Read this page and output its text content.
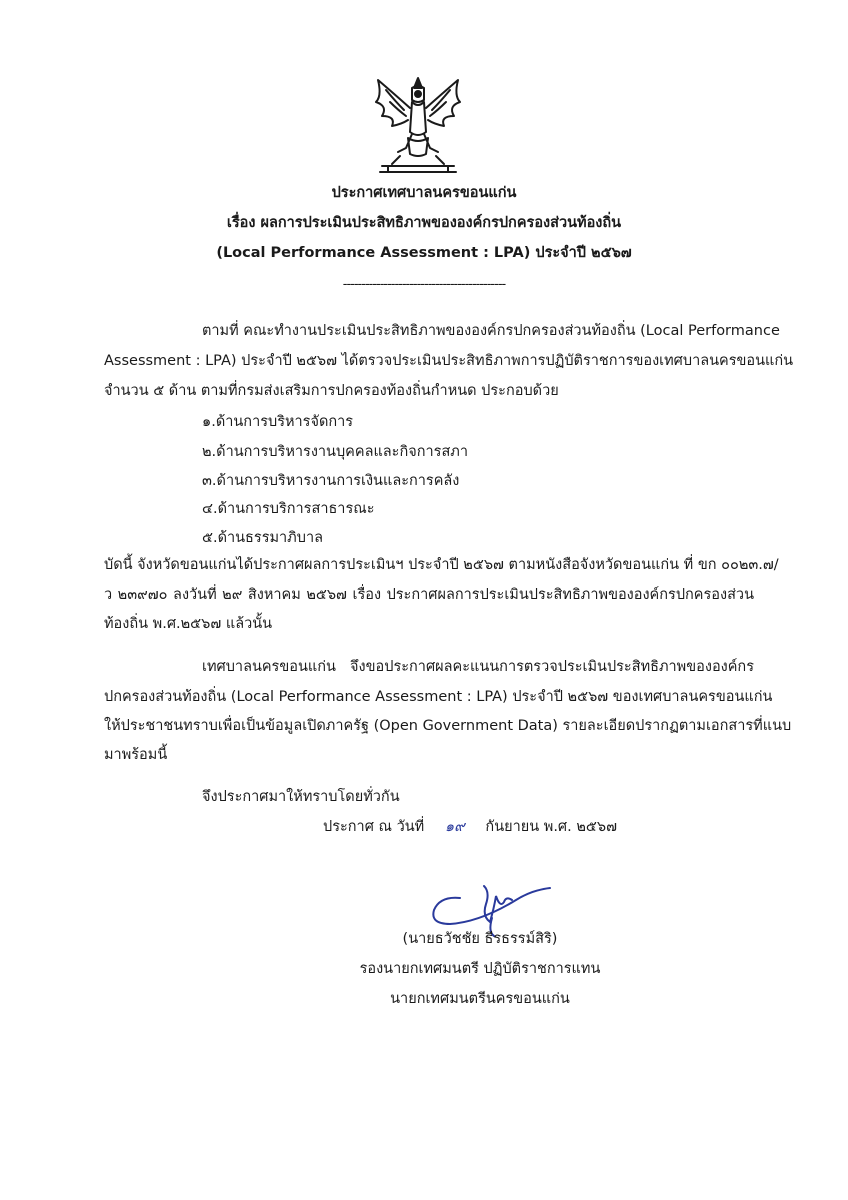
ประกาศเทศบาลนครขอนแก่น
เรื่อง ผลการประเมินประสิทธิภาพขององค์กรปกครองส่วนท้องถิ่น
(Local Performance Assessment : LPA) ประจำปี ๒๕๖๗
--------------------------------------------
ตามที่ คณะทำงานประเมินประสิทธิภาพขององค์กรปกครองส่วนท้องถิ่น (Local Performance
Assessment : LPA) ประจำปี ๒๕๖๗ ได้ตรวจประเมินประสิทธิภาพการปฏิบัติราชการของเทศบาลนครขอนแก่น
จำนวน ๕ ด้าน ตามที่กรมส่งเสริมการปกครองท้องถิ่นกำหนด ประกอบด้วย
๑.ด้านการบริหารจัดการ
๒.ด้านการบริหารงานบุคคลและกิจการสภา
๓.ด้านการบริหารงานการเงินและการคลัง
๔.ด้านการบริการสาธารณะ
๕.ด้านธรรมาภิบาล
บัดนี้ จังหวัดขอนแก่นได้ประกาศผลการประเมินฯ ประจำปี ๒๕๖๗ ตามหนังสือจังหวัดขอนแก่น ที่ ขก ๐๐๒๓.๗/
ว ๒๓๙๗๐ ลงวันที่ ๒๙ สิงหาคม ๒๕๖๗ เรื่อง ประกาศผลการประเมินประสิทธิภาพขององค์กรปกครองส่วน
ท้องถิ่น พ.ศ.๒๕๖๗ แล้วนั้น
เทศบาลนครขอนแก่น จึงขอประกาศผลคะแนนการตรวจประเมินประสิทธิภาพขององค์กร
ปกครองส่วนท้องถิ่น (Local Performance Assessment : LPA) ประจำปี ๒๕๖๗ ของเทศบาลนครขอนแก่น
ให้ประชาชนทราบเพื่อเป็นข้อมูลเปิดภาครัฐ (Open Government Data) รายละเอียดปรากฏตามเอกสารที่แนบ
มาพร้อมนี้
จึงประกาศมาให้ทราบโดยทั่วกัน
ประกาศ ณ วันที่ ๑๙ กันยายน พ.ศ. ๒๕๖๗
(นายธวัชชัย ธีรธรรม์สิริ)
รองนายกเทศมนตรี ปฏิบัติราชการแทน
นายกเทศมนตรีนครขอนแก่น
